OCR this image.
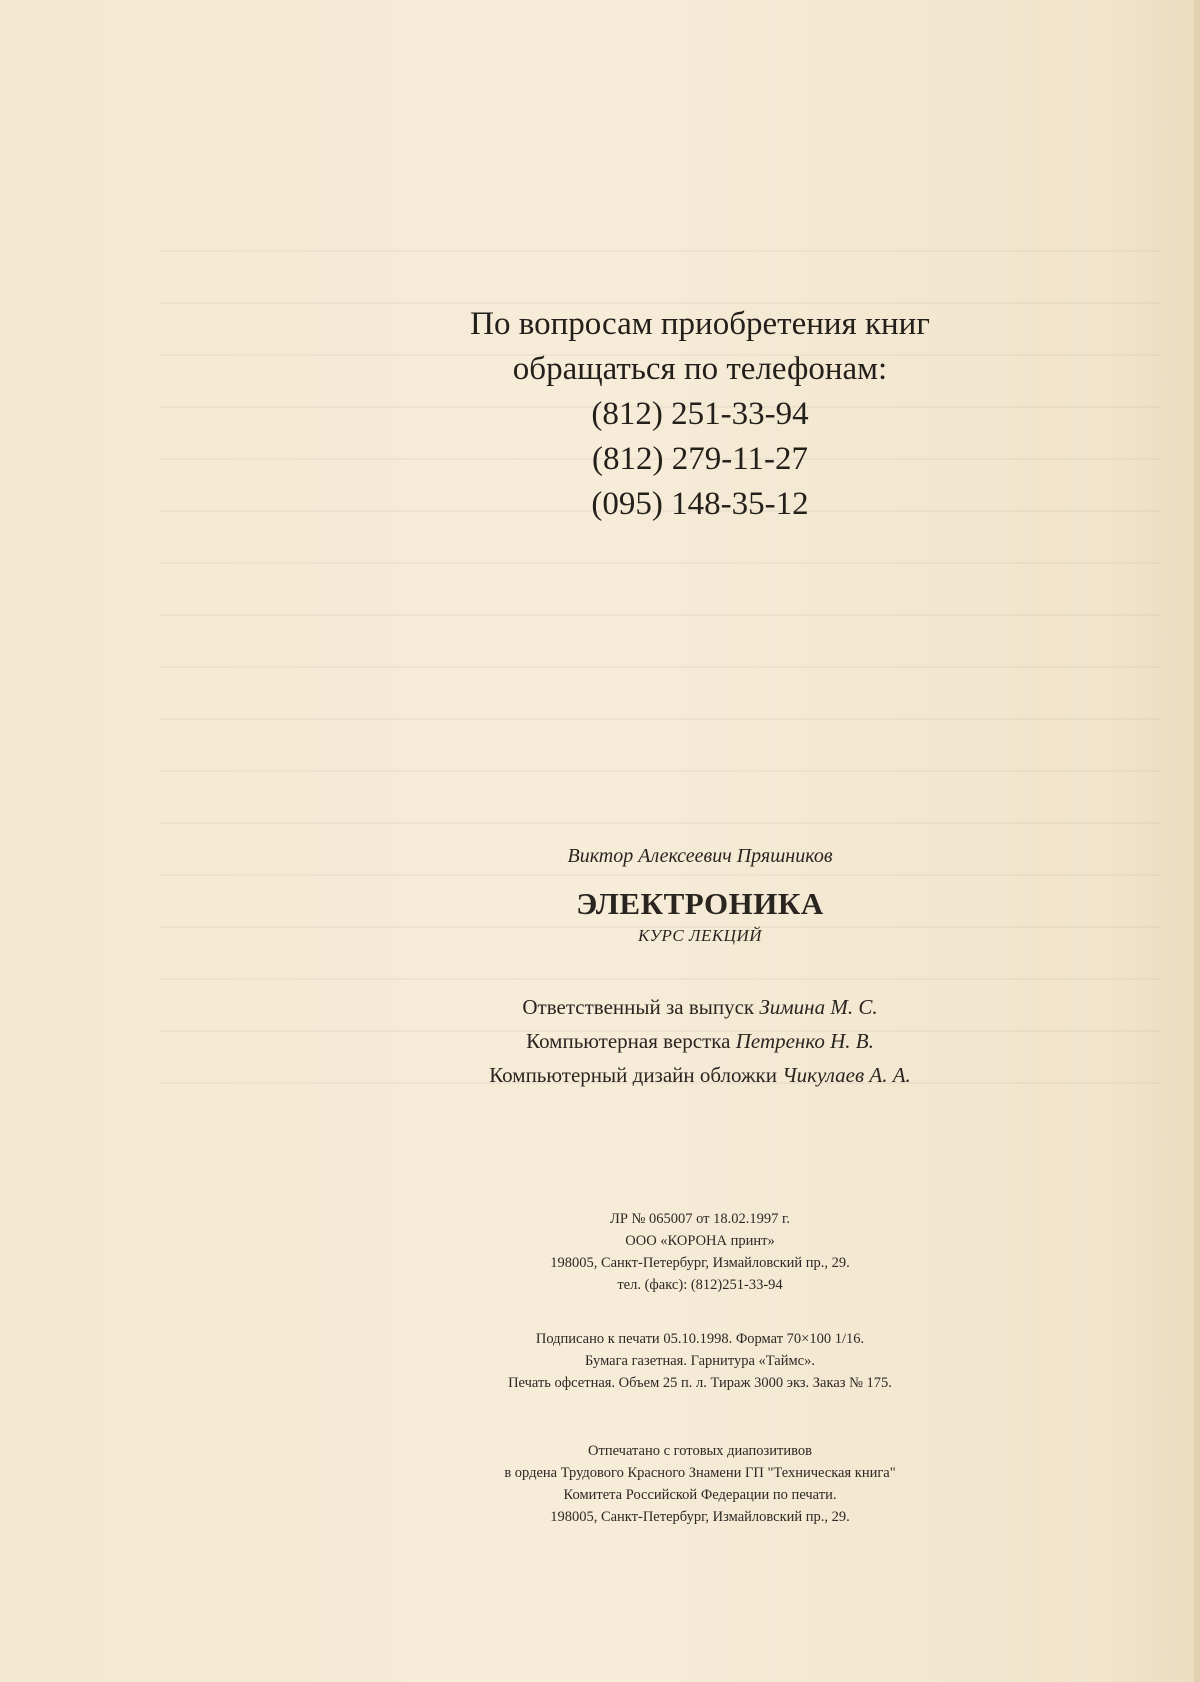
По вопросам приобретения книг
обращаться по телефонам:
(812) 251-33-94
(812) 279-11-27
(095) 148-35-12

Виктор Алексеевич Пряшников

ЭЛЕКТРОНИКА

КУРС ЛЕКЦИЙ

Ответственный за выпуск Зимина М. С.
Компьютерная верстка Петренко Н. В.
Компьютерный дизайн обложки Чикулаев А. А.
ЛР № 065007 от 18.02.1997 г.
ООО «КОРОНА принт»
198005, Санкт-Петербург, Измайловский пр., 29.
тел. (факс): (812)251-33-94
Подписано к печати 05.10.1998. Формат 70×100 1/16.
Бумага газетная. Гарнитура «Таймс».
Печать офсетная. Объем 25 п. л. Тираж 3000 экз. Заказ № 175.
Отпечатано с готовых диапозитивов
в ордена Трудового Красного Знамени ГП "Техническая книга"
Комитета Российской Федерации по печати.
198005, Санкт-Петербург, Измайловский пр., 29.
